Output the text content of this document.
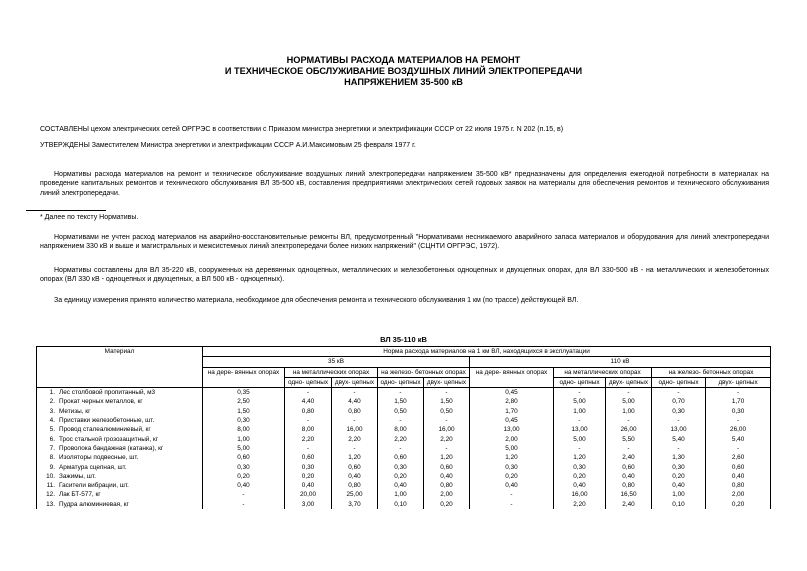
НОРМАТИВЫ РАСХОДА МАТЕРИАЛОВ НА РЕМОНТ
И ТЕХНИЧЕСКОЕ ОБСЛУЖИВАНИЕ ВОЗДУШНЫХ ЛИНИЙ ЭЛЕКТРОПЕРЕДАЧИ
НАПРЯЖЕНИЕМ 35-500 кВ
СОСТАВЛЕНЫ цехом электрических сетей ОРГРЭС в соответствии с Приказом министра энергетики и электрификации СССР от 22 июля 1975 г. N 202 (п.15, в)
УТВЕРЖДЕНЫ Заместителем Министра энергетики и электрификации СССР А.И.Максимовым 25 февраля 1977 г.
Нормативы расхода материалов на ремонт и техническое обслуживание воздушных линий электропередачи напряжением 35-500 кВ* предназначены для определения ежегодной потребности в материалах на проведение капитальных ремонтов и технического обслуживания ВЛ 35-500 кВ, составления предприятиями электрических сетей годовых заявок на материалы для обеспечения ремонтов и технического обслуживания линий электропередачи.
* Далее по тексту Нормативы.
Нормативами не учтен расход материалов на аварийно-восстановительные ремонты ВЛ, предусмотренный "Нормативами неснижаемого аварийного запаса материалов и оборудования для линий электропередачи напряжением 330 кВ и выше и магистральных и межсистемных линий электропередачи более низких напряжений" (СЦНТИ ОРГРЭС, 1972).
Нормативы составлены для ВЛ 35-220 кВ, сооруженных на деревянных одноцепных, металлических и железобетонных одноцепных и двухцепных опорах, для ВЛ 330-500 кВ - на металлических и железобетонных опорах (ВЛ 330 кВ - одноцепных и двухцепных, а ВЛ 500 кВ - одноцепных).
За единицу измерения принято количество материала, необходимое для обеспечения ремонта и технического обслуживания 1 км (по трассе) действующей ВЛ.
ВЛ 35-110 кВ
Материал	Норма расхода материалов на 1 км ВЛ, находящихся в эксплуатации									
	35 кВ					110 кВ				
	на дере- вянных опорах	на металлических опорах		на железо- бетонных опорах		на дере- вянных опорах	на металлических опорах		на железо- бетонных опорах	
		одно- цепных	двух- цепных	одно- цепных	двух- цепных		одно- цепных	двух- цепных	одно- цепных	двух- цепных
1. Лес столбовой пропитанный, м3	0,35	-	-	-	-	0,45	-	-	-	-
2. Прокат черных металлов, кг	2,50	4,40	4,40	1,50	1,50	2,80	5,00	5,00	0,70	1,70
3. Метизы, кг	1,50	0,80	0,80	0,50	0,50	1,70	1,00	1,00	0,30	0,30
4. Приставки железобетонные, шт.	0,30	-	-	-	-	0,45	-	-	-	-
5. Провод сталеалюминиевый, кг	8,00	8,00	16,00	8,00	16,00	13,00	13,00	26,00	13,00	26,00
6. Трос стальной грозозащитный, кг	1,00	2,20	2,20	2,20	2,20	2,00	5,00	5,50	5,40	5,40
7. Проволока бандажная (катанка), кг	5,00	-	-	-	-	5,00	-	-	-	-
8. Изоляторы подвесные, шт.	0,60	0,60	1,20	0,60	1,20	1,20	1,20	2,40	1,30	2,60
9. Арматура сцепная, шт.	0,30	0,30	0,60	0,30	0,60	0,30	0,30	0,60	0,30	0,60
10. Зажимы, шт.	0,20	0,20	0,40	0,20	0,40	0,20	0,20	0,40	0,20	0,40
11. Гасители вибрации, шт.	0,40	0,40	0,80	0,40	0,80	0,40	0,40	0,80	0,40	0,80
12. Лак БТ-577, кг	-	20,00	25,00	1,00	2,00	-	16,00	16,50	1,00	2,00
13. Пудра алюминиевая, кг	-	3,00	3,70	0,10	0,20	-	2,20	2,40	0,10	0,20
